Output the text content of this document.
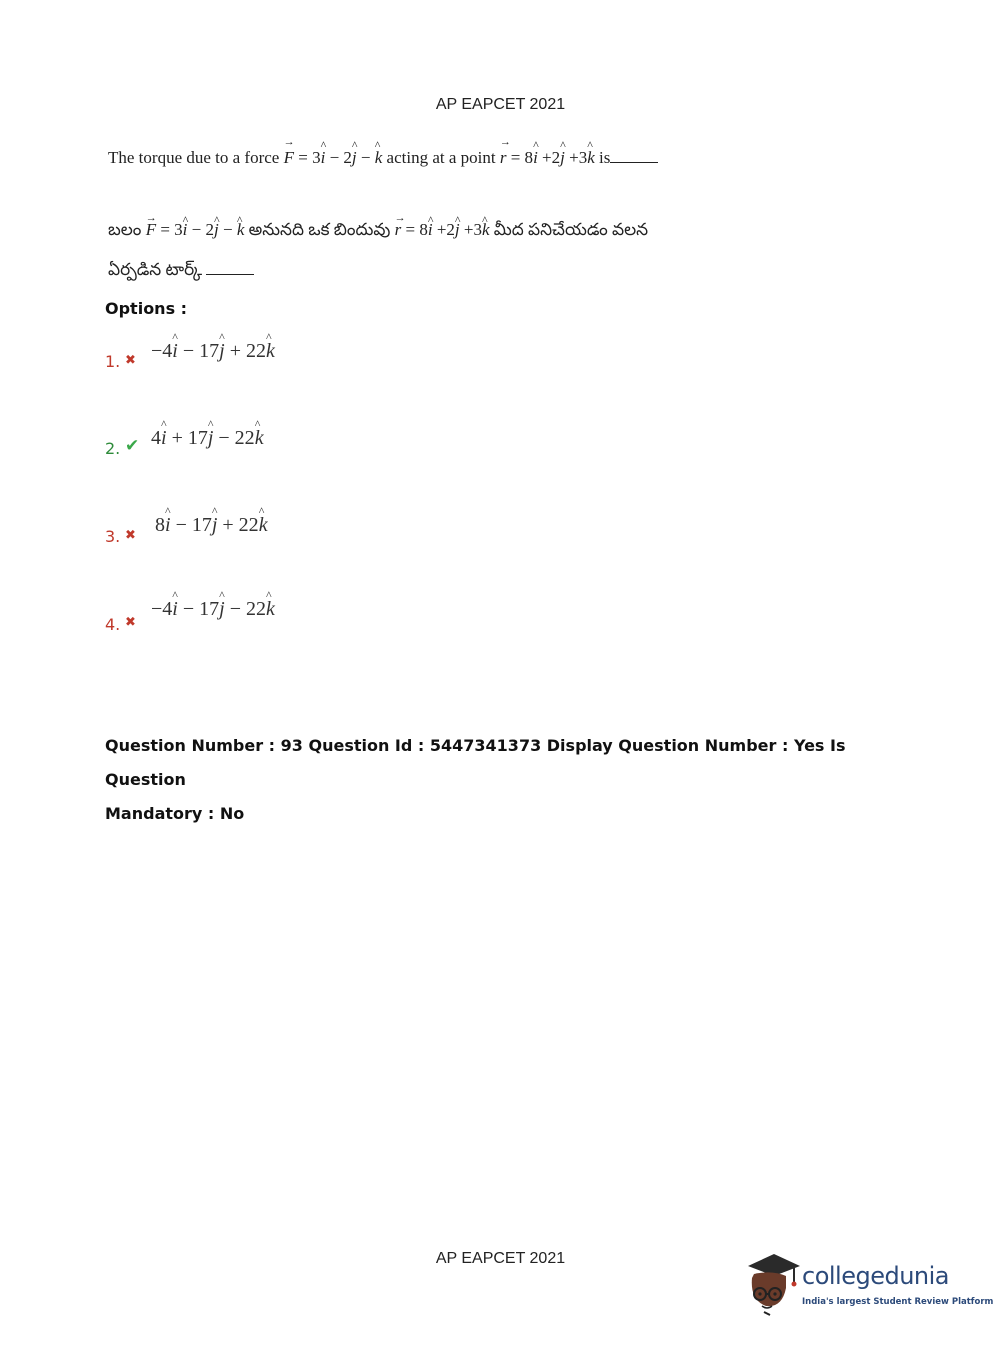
AP EAPCET 2021
The torque due to a force → F = 3^ i − 2^ j − ^ k acting at a point → r = 8^ i +2^ j +3^ k is
బలం → F = 3^ i − 2^ j − ^ k అనునది ఒక బిందువు → r = 8^ i +2^ j +3^ k మీద పనిచేయడం వలన
ఏర్పడిన టార్క్
Options :
1. ✖ −4^ i − 17^ j + 22^ k
2. ✔ 4^ i + 17^ j − 22^ k
3. ✖ 8^ i − 17^ j + 22^ k
4. ✖
−4^ i − 17^ j − 22^ k
Question Number : 93 Question Id : 5447341373 Display Question Number : Yes Is Question
Mandatory : No
AP EAPCET 2021
collegedunia
India's largest Student Review Platform
